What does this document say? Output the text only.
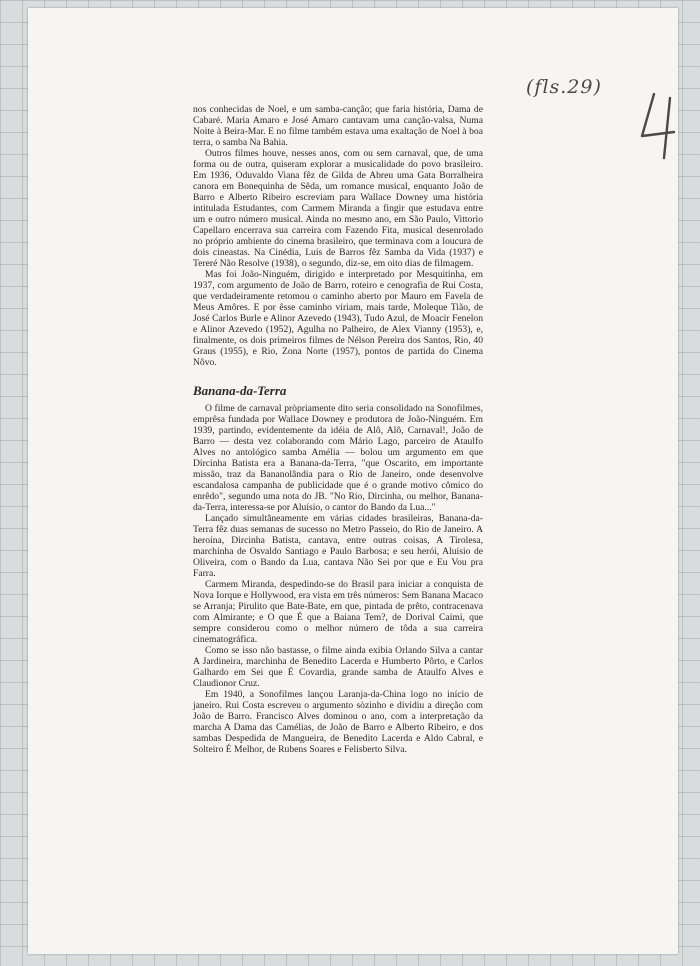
(fls.29)	4

nos conhecidas de Noel, e um samba-canção; que faria história, Dama de Cabaré. Maria Amaro e José Amaro cantavam uma canção-valsa, Numa Noite à Beira-Mar. E no filme também estava uma exaltação de Noel à boa terra, o samba Na Bahia.

Outros filmes houve, nesses anos, com ou sem carnaval, que, de uma forma ou de outra, quiseram explorar a musicalidade do povo brasileiro. Em 1936, Oduvaldo Viana fêz de Gilda de Abreu uma Gata Borralheira canora em Bonequinha de Sêda, um romance musical, enquanto João de Barro e Alberto Ribeiro escreviam para Wallace Downey uma história intitulada Estudantes, com Carmem Miranda a fingir que estudava entre um e outro número musical. Ainda no mesmo ano, em São Paulo, Vittorio Capellaro encerrava sua carreira com Fazendo Fita, musical desenrolado no próprio ambiente do cinema brasileiro, que terminava com a loucura de dois cineastas. Na Cinédia, Luís de Barros fêz Samba da Vida (1937) e Tereré Não Resolve (1938), o segundo, diz-se, em oito dias de filmagem.

Mas foi João-Ninguém, dirigido e interpretado por Mesquitinha, em 1937, com argumento de João de Barro, roteiro e cenografia de Rui Costa, que verdadeiramente retomou o caminho aberto por Mauro em Favela de Meus Amôres. E por êsse caminho viriam, mais tarde, Moleque Tião, de José Carlos Burle e Alinor Azevedo (1943), Tudo Azul, de Moacir Fenelon e Alinor Azevedo (1952), Agulha no Palheiro, de Alex Vianny (1953), e, finalmente, os dois primeiros filmes de Nélson Pereira dos Santos, Rio, 40 Graus (1955), e Rio, Zona Norte (1957), pontos de partida do Cinema Nôvo.

Banana-da-Terra

O filme de carnaval pròpriamente dito seria consolidado na Sonofilmes, emprêsa fundada por Wallace Downey e produtora de João-Ninguém. Em 1939, partindo, evidentemente da idéia de Alô, Alô, Carnaval!, João de Barro — desta vez colaborando com Mário Lago, parceiro de Ataulfo Alves no antológico samba Amélia — bolou um argumento em que Dircinha Batista era a Banana-da-Terra, "que Oscarito, em importante missão, traz da Bananolândia para o Rio de Janeiro, onde desenvolve escandalosa campanha de publicidade que é o grande motivo cômico do enrêdo", segundo uma nota do JB. "No Rio, Dircinha, ou melhor, Banana-da-Terra, interessa-se por Aluísio, o cantor do Bando da Lua..."

Lançado simultâneamente em várias cidades brasileiras, Banana-da-Terra fêz duas semanas de sucesso no Metro Passeio, do Rio de Janeiro. A heroína, Dircinha Batista, cantava, entre outras coisas, A Tirolesa, marchinha de Osvaldo Santiago e Paulo Barbosa; e seu herói, Aluísio de Oliveira, com o Bando da Lua, cantava Não Sei por que e Eu Vou pra Farra.

Carmem Miranda, despedindo-se do Brasil para iniciar a conquista de Nova Iorque e Hollywood, era vista em três números: Sem Banana Macaco se Arranja; Pirulito que Bate-Bate, em que, pintada de prêto, contracenava com Almirante; e O que É que a Baiana Tem?, de Dorival Caimi, que sempre considerou como o melhor número de tôda a sua carreira cinematográfica.

Como se isso não bastasse, o filme ainda exibia Orlando Silva a cantar A Jardineira, marchinha de Benedito Lacerda e Humberto Pôrto, e Carlos Galhardo em Sei que É Covardia, grande samba de Ataulfo Alves e Claudionor Cruz.

Em 1940, a Sonofilmes lançou Laranja-da-China logo no início de janeiro. Rui Costa escreveu o argumento sòzinho e dividiu a direção com João de Barro. Francisco Alves dominou o ano, com a interpretação da marcha A Dama das Camélias, de João de Barro e Alberto Ribeiro, e dos sambas Despedida de Mangueira, de Benedito Lacerda e Aldo Cabral, e Solteiro É Melhor, de Rubens Soares e Felisberto Silva.
